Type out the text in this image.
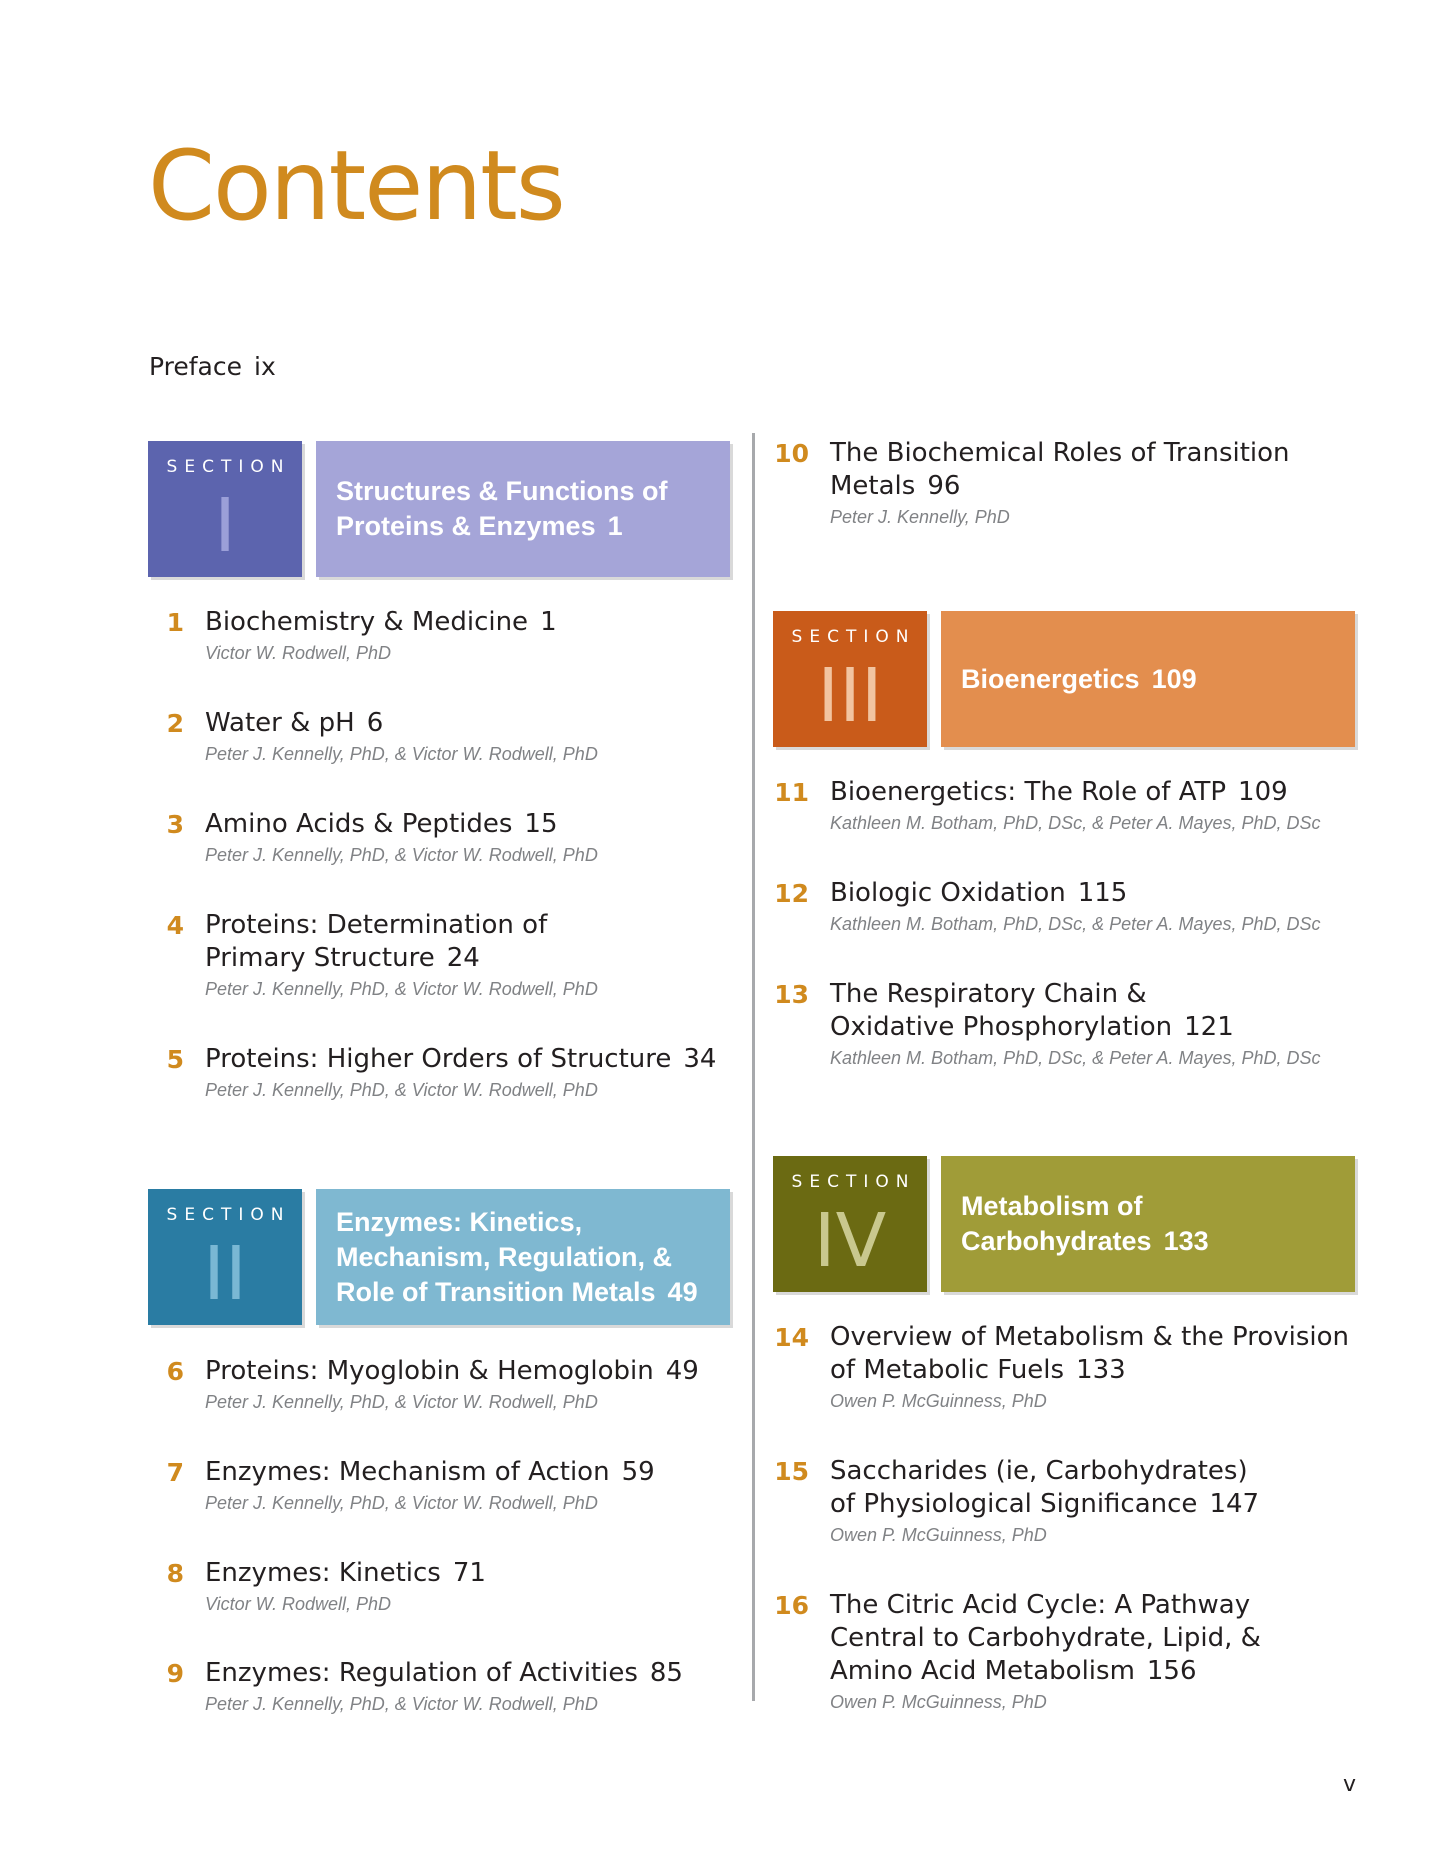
Contents
Preface ix
SECTION
I	Structures & Functions of Proteins & Enzymes 1
1 Biochemistry & Medicine 1
Victor W. Rodwell, PhD
2 Water & pH 6
Peter J. Kennelly, PhD, & Victor W. Rodwell, PhD
3 Amino Acids & Peptides 15
Peter J. Kennelly, PhD, & Victor W. Rodwell, PhD
4 Proteins: Determination of Primary Structure 24
Peter J. Kennelly, PhD, & Victor W. Rodwell, PhD
5 Proteins: Higher Orders of Structure 34
Peter J. Kennelly, PhD, & Victor W. Rodwell, PhD
SECTION
II
Enzymes: Kinetics, Mechanism, Regulation, & Role of Transition Metals 49
6 Proteins: Myoglobin & Hemoglobin 49
Peter J. Kennelly, PhD, & Victor W. Rodwell, PhD
7 Enzymes: Mechanism of Action 59
Peter J. Kennelly, PhD, & Victor W. Rodwell, PhD
8 Enzymes: Kinetics 71
Victor W. Rodwell, PhD
9 Enzymes: Regulation of Activities 85
Peter J. Kennelly, PhD, & Victor W. Rodwell, PhD
10 The Biochemical Roles of Transition Metals 96
Peter J. Kennelly, PhD
SECTION
III	Bioenergetics 109
11 Bioenergetics: The Role of ATP 109
Kathleen M. Botham, PhD, DSc, & Peter A. Mayes, PhD, DSc
12 Biologic Oxidation 115
Kathleen M. Botham, PhD, DSc, & Peter A. Mayes, PhD, DSc
13 The Respiratory Chain & Oxidative Phosphorylation 121
Kathleen M. Botham, PhD, DSc, & Peter A. Mayes, PhD, DSc
SECTION
IV	Metabolism of Carbohydrates 133
14 Overview of Metabolism & the Provision of Metabolic Fuels 133
Owen P. McGuinness, PhD
15 Saccharides (ie, Carbohydrates) of Physiological Significance 147
Owen P. McGuinness, PhD
16 The Citric Acid Cycle: A Pathway Central to Carbohydrate, Lipid, & Amino Acid Metabolism 156
Owen P. McGuinness, PhD
v
